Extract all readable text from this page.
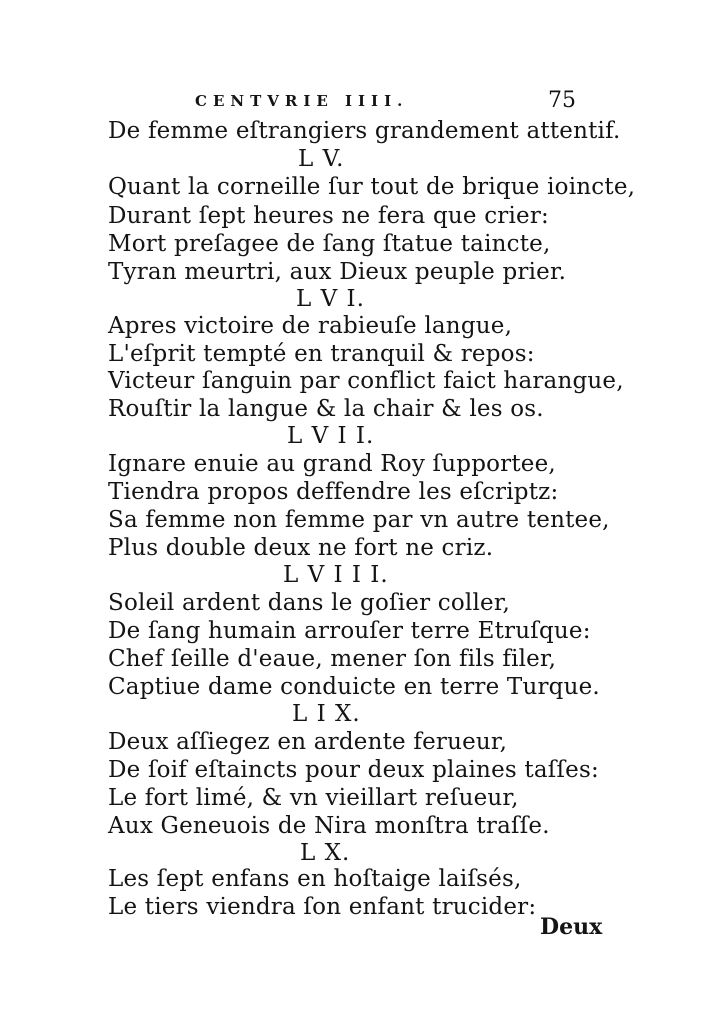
CENTVRIE IIII.	75
De femme eſtrangiers grandement attentif.
L V.
Quant la corneille ſur tout de brique ioincte,
Durant ſept heures ne fera que crier:
Mort preſagee de ſang ſtatue taincte,
Tyran meurtri, aux Dieux peuple prier.
L V I.
Apres victoire de rabieuſe langue,
L'eſprit tempté en tranquil & repos:
Victeur ſanguin par conflict faict harangue,
Rouſtir la langue & la chair & les os.
L V I I.
Ignare enuie au grand Roy ſupportee,
Tiendra propos deffendre les eſcriptz:
Sa femme non femme par vn autre tentee,
Plus double deux ne fort ne criz.
L V I I I.
Soleil ardent dans le goſier coller,
De ſang humain arrouſer terre Etruſque:
Chef ſeille d'eaue, mener ſon fils filer,
Captiue dame conduicte en terre Turque.
L I X.
Deux aſſiegez en ardente ferueur,
De ſoif eſtaincts pour deux plaines taſſes:
Le fort limé, & vn vieillart reſueur,
Aux Geneuois de Nira monſtra traſſe.
L X.
Les ſept enfans en hoſtaige laiſsés,
Le tiers viendra ſon enfant trucider:
Deux
